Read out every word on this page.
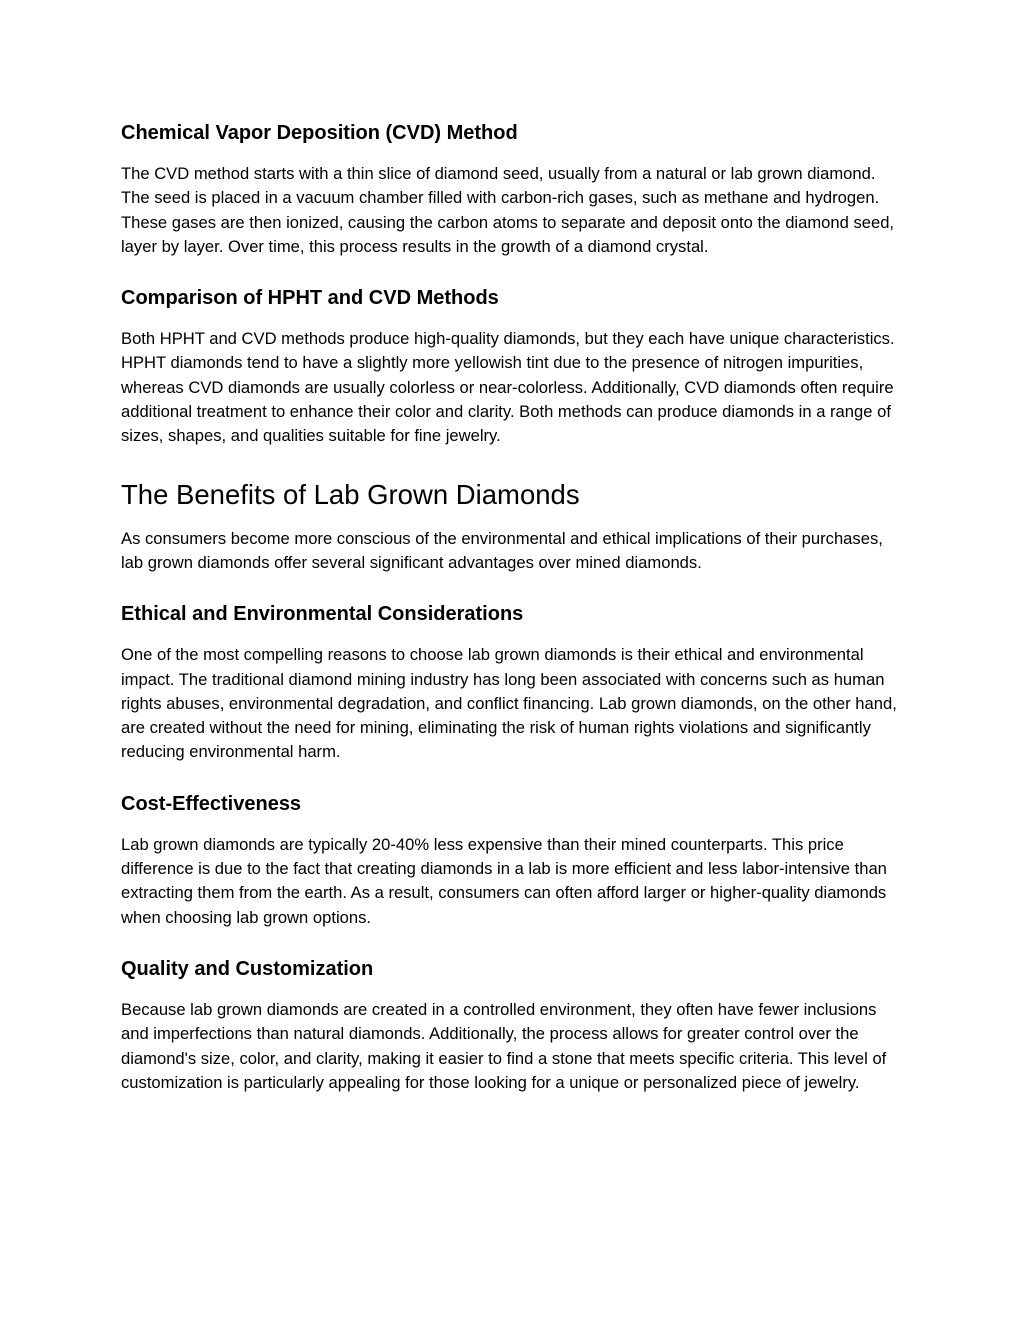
Chemical Vapor Deposition (CVD) Method

The CVD method starts with a thin slice of diamond seed, usually from a natural or lab grown diamond. The seed is placed in a vacuum chamber filled with carbon-rich gases, such as methane and hydrogen. These gases are then ionized, causing the carbon atoms to separate and deposit onto the diamond seed, layer by layer. Over time, this process results in the growth of a diamond crystal.

Comparison of HPHT and CVD Methods

Both HPHT and CVD methods produce high-quality diamonds, but they each have unique characteristics. HPHT diamonds tend to have a slightly more yellowish tint due to the presence of nitrogen impurities, whereas CVD diamonds are usually colorless or near-colorless. Additionally, CVD diamonds often require additional treatment to enhance their color and clarity. Both methods can produce diamonds in a range of sizes, shapes, and qualities suitable for fine jewelry.

The Benefits of Lab Grown Diamonds

As consumers become more conscious of the environmental and ethical implications of their purchases, lab grown diamonds offer several significant advantages over mined diamonds.

Ethical and Environmental Considerations

One of the most compelling reasons to choose lab grown diamonds is their ethical and environmental impact. The traditional diamond mining industry has long been associated with concerns such as human rights abuses, environmental degradation, and conflict financing. Lab grown diamonds, on the other hand, are created without the need for mining, eliminating the risk of human rights violations and significantly reducing environmental harm.

Cost-Effectiveness

Lab grown diamonds are typically 20-40% less expensive than their mined counterparts. This price difference is due to the fact that creating diamonds in a lab is more efficient and less labor-intensive than extracting them from the earth. As a result, consumers can often afford larger or higher-quality diamonds when choosing lab grown options.

Quality and Customization

Because lab grown diamonds are created in a controlled environment, they often have fewer inclusions and imperfections than natural diamonds. Additionally, the process allows for greater control over the diamond's size, color, and clarity, making it easier to find a stone that meets specific criteria. This level of customization is particularly appealing for those looking for a unique or personalized piece of jewelry.
